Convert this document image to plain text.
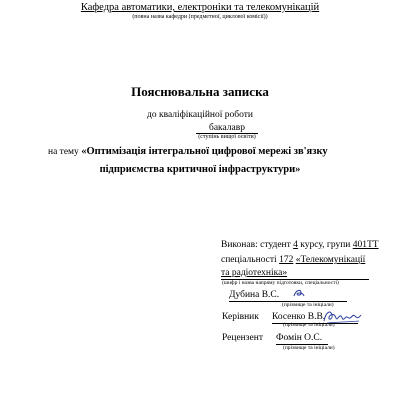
Кафедра автоматики, електроніки та телекомунікацій
(повна назва кафедри (предметної, циклової комісії))
Пояснювальна записка
до кваліфікаційної роботи
бакалавр
(ступінь вищої освіти)
на тему «Оптимізація інтегральної цифрової мережі зв'язку
підприємства критичної інфраструктури»
Виконав: студент 4 курсу, групи 401ТТ
спеціальності 172 «Телекомунікації
та радіотехніка»
(шифр і назва напряму підготовки, спеціальності)
Дубина В.С.
(прізвище та ініціали)
Керівник Косенко В.В.
(прізвище та ініціали)
Рецензент Фомін О.С.
(прізвище та ініціали)
